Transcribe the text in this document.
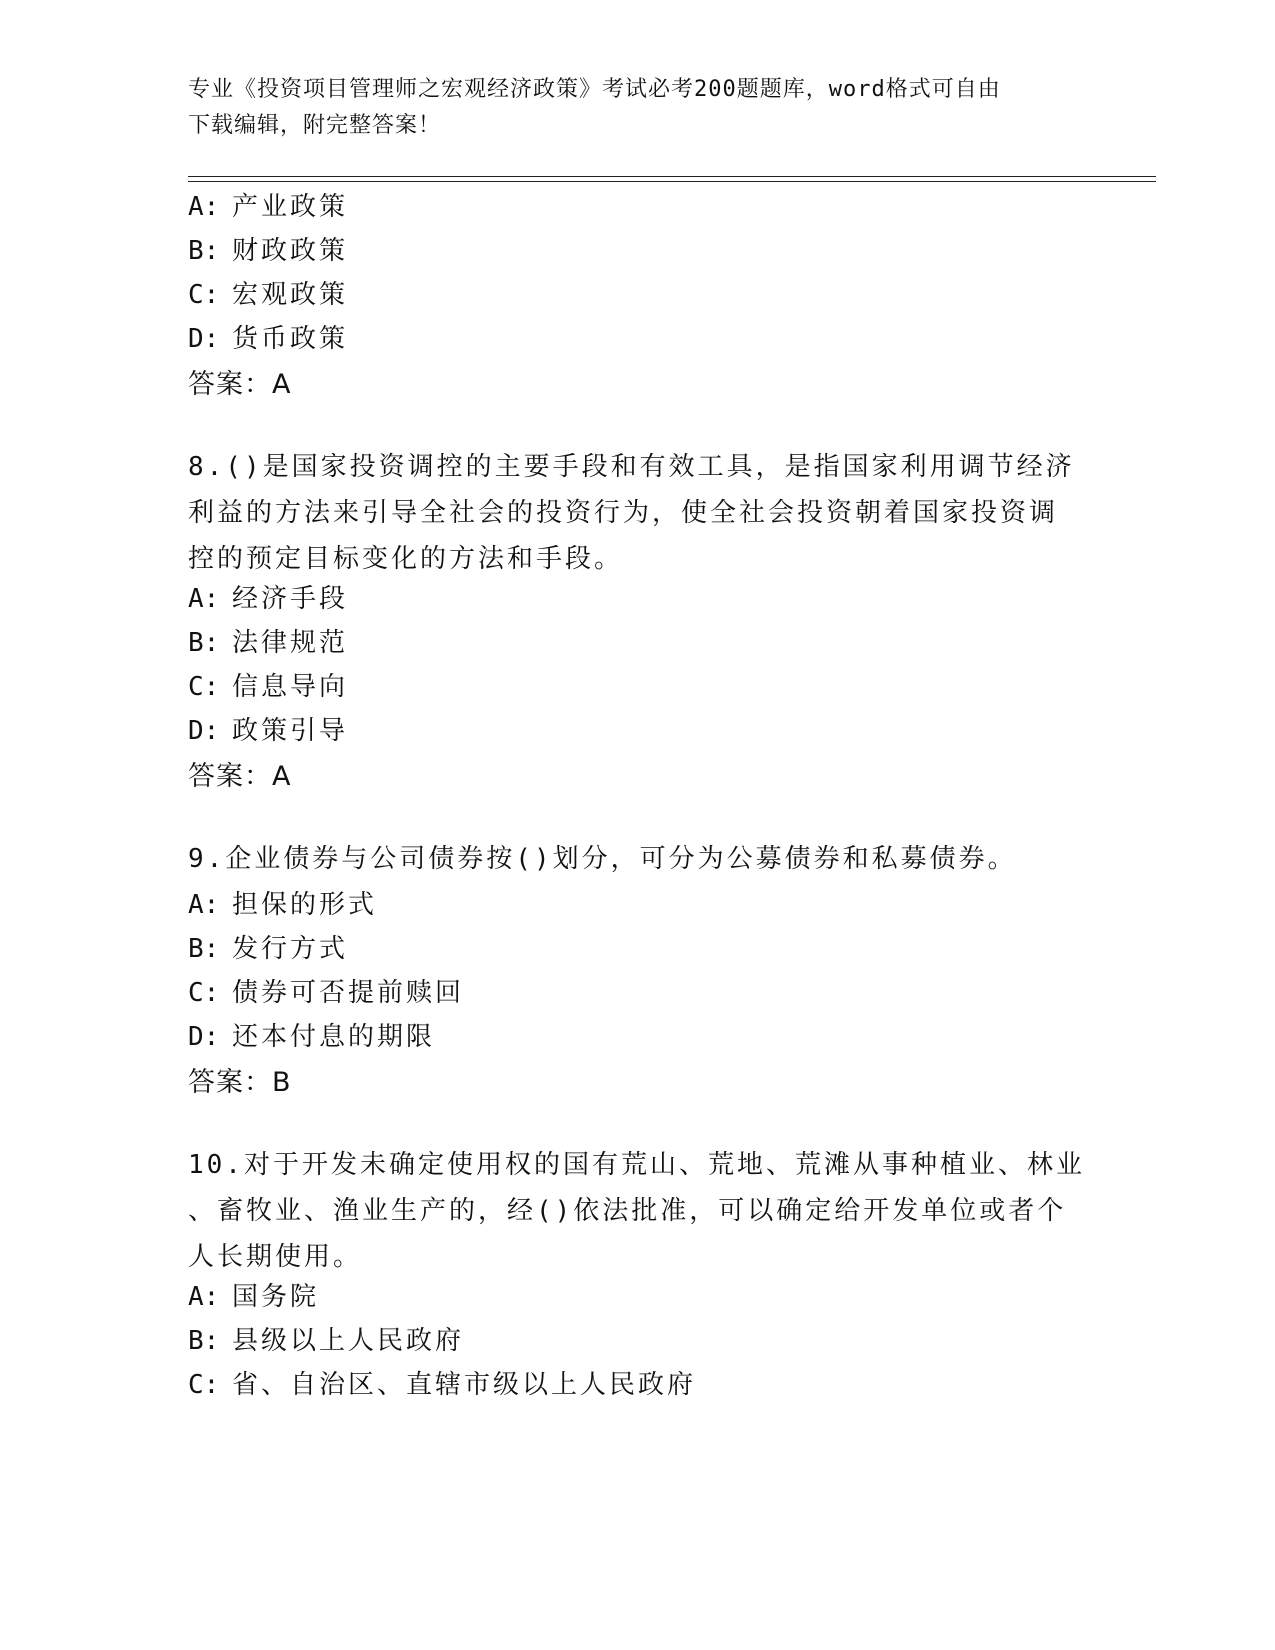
专业《投资项目管理师之宏观经济政策》考试必考200题题库，word格式可自由
下载编辑，附完整答案！
A: 产业政策
B: 财政政策
C: 宏观政策
D: 货币政策
答案：A
8.()是国家投资调控的主要手段和有效工具，是指国家利用调节经济
利益的方法来引导全社会的投资行为，使全社会投资朝着国家投资调
控的预定目标变化的方法和手段。
A: 经济手段
B: 法律规范
C: 信息导向
D: 政策引导
答案：A
9.企业债券与公司债券按()划分，可分为公募债券和私募债券。
A: 担保的形式
B: 发行方式
C: 债券可否提前赎回
D: 还本付息的期限
答案：B
10.对于开发未确定使用权的国有荒山、荒地、荒滩从事种植业、林业
、畜牧业、渔业生产的，经()依法批准，可以确定给开发单位或者个
人长期使用。
A: 国务院
B: 县级以上人民政府
C: 省、自治区、直辖市级以上人民政府
